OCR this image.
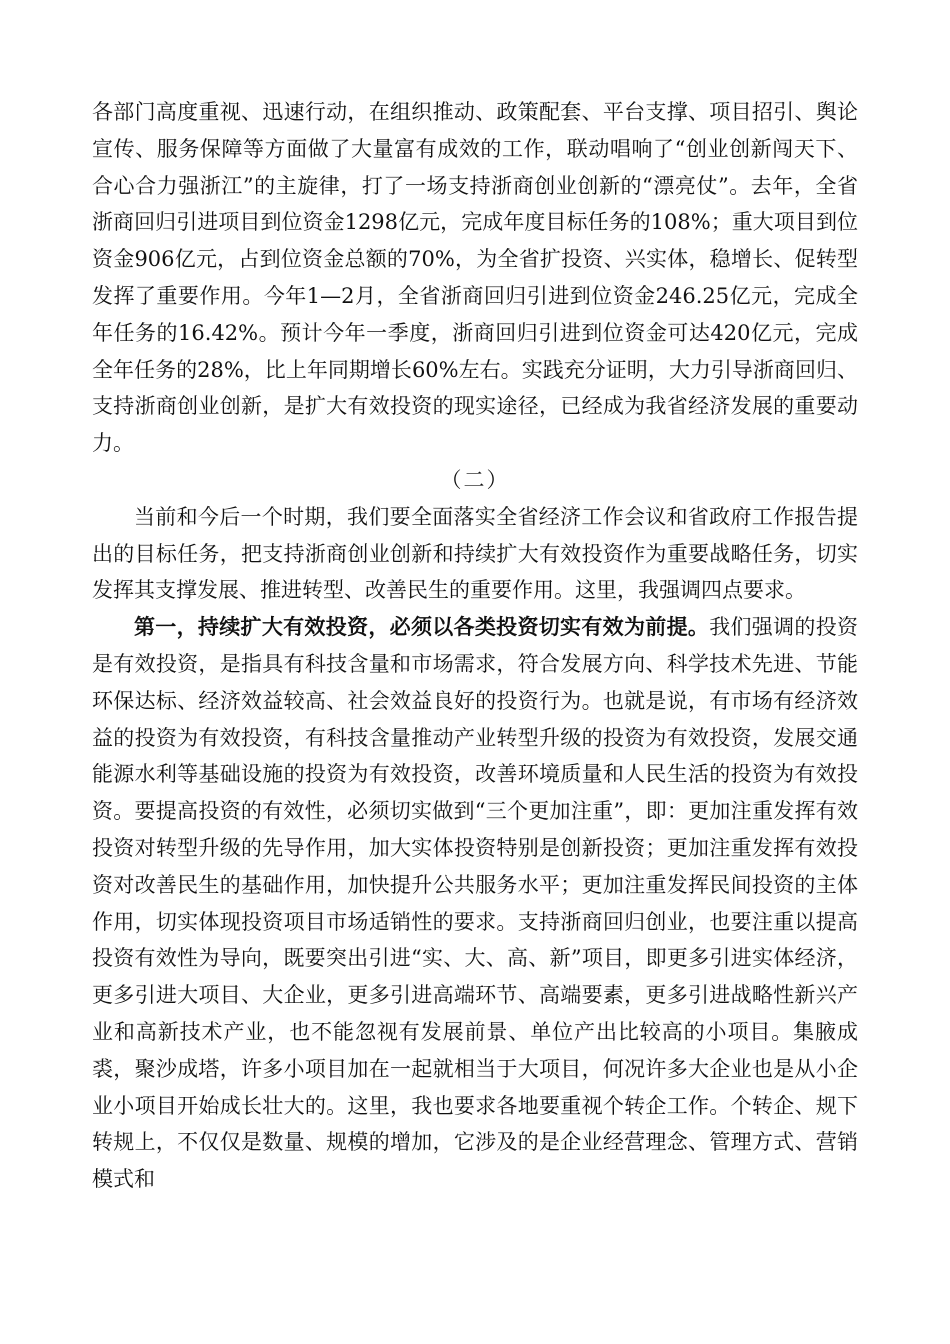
各部门高度重视、迅速行动，在组织推动、政策配套、平台支撑、项目招引、舆论宣传、服务保障等方面做了大量富有成效的工作，联动唱响了“创业创新闯天下、合心合力强浙江”的主旋律，打了一场支持浙商创业创新的“漂亮仗”。去年，全省浙商回归引进项目到位资金1298亿元，完成年度目标任务的108%；重大项目到位资金906亿元，占到位资金总额的70%，为全省扩投资、兴实体，稳增长、促转型发挥了重要作用。今年1—2月，全省浙商回归引进到位资金246.25亿元，完成全年任务的16.42%。预计今年一季度，浙商回归引进到位资金可达420亿元，完成全年任务的28%，比上年同期增长60%左右。实践充分证明，大力引导浙商回归、支持浙商创业创新，是扩大有效投资的现实途径，已经成为我省经济发展的重要动力。

（二）

当前和今后一个时期，我们要全面落实全省经济工作会议和省政府工作报告提出的目标任务，把支持浙商创业创新和持续扩大有效投资作为重要战略任务，切实发挥其支撑发展、推进转型、改善民生的重要作用。这里，我强调四点要求。

第一，持续扩大有效投资，必须以各类投资切实有效为前提。我们强调的投资是有效投资，是指具有科技含量和市场需求，符合发展方向、科学技术先进、节能环保达标、经济效益较高、社会效益良好的投资行为。也就是说，有市场有经济效益的投资为有效投资，有科技含量推动产业转型升级的投资为有效投资，发展交通能源水利等基础设施的投资为有效投资，改善环境质量和人民生活的投资为有效投资。要提高投资的有效性，必须切实做到“三个更加注重”，即：更加注重发挥有效投资对转型升级的先导作用，加大实体投资特别是创新投资；更加注重发挥有效投资对改善民生的基础作用，加快提升公共服务水平；更加注重发挥民间投资的主体作用，切实体现投资项目市场适销性的要求。支持浙商回归创业，也要注重以提高投资有效性为导向，既要突出引进“实、大、高、新”项目，即更多引进实体经济，更多引进大项目、大企业，更多引进高端环节、高端要素，更多引进战略性新兴产业和高新技术产业，也不能忽视有发展前景、单位产出比较高的小项目。集腋成裘，聚沙成塔，许多小项目加在一起就相当于大项目，何况许多大企业也是从小企业小项目开始成长壮大的。这里，我也要求各地要重视个转企工作。个转企、规下转规上，不仅仅是数量、规模的增加，它涉及的是企业经营理念、管理方式、营销模式和
